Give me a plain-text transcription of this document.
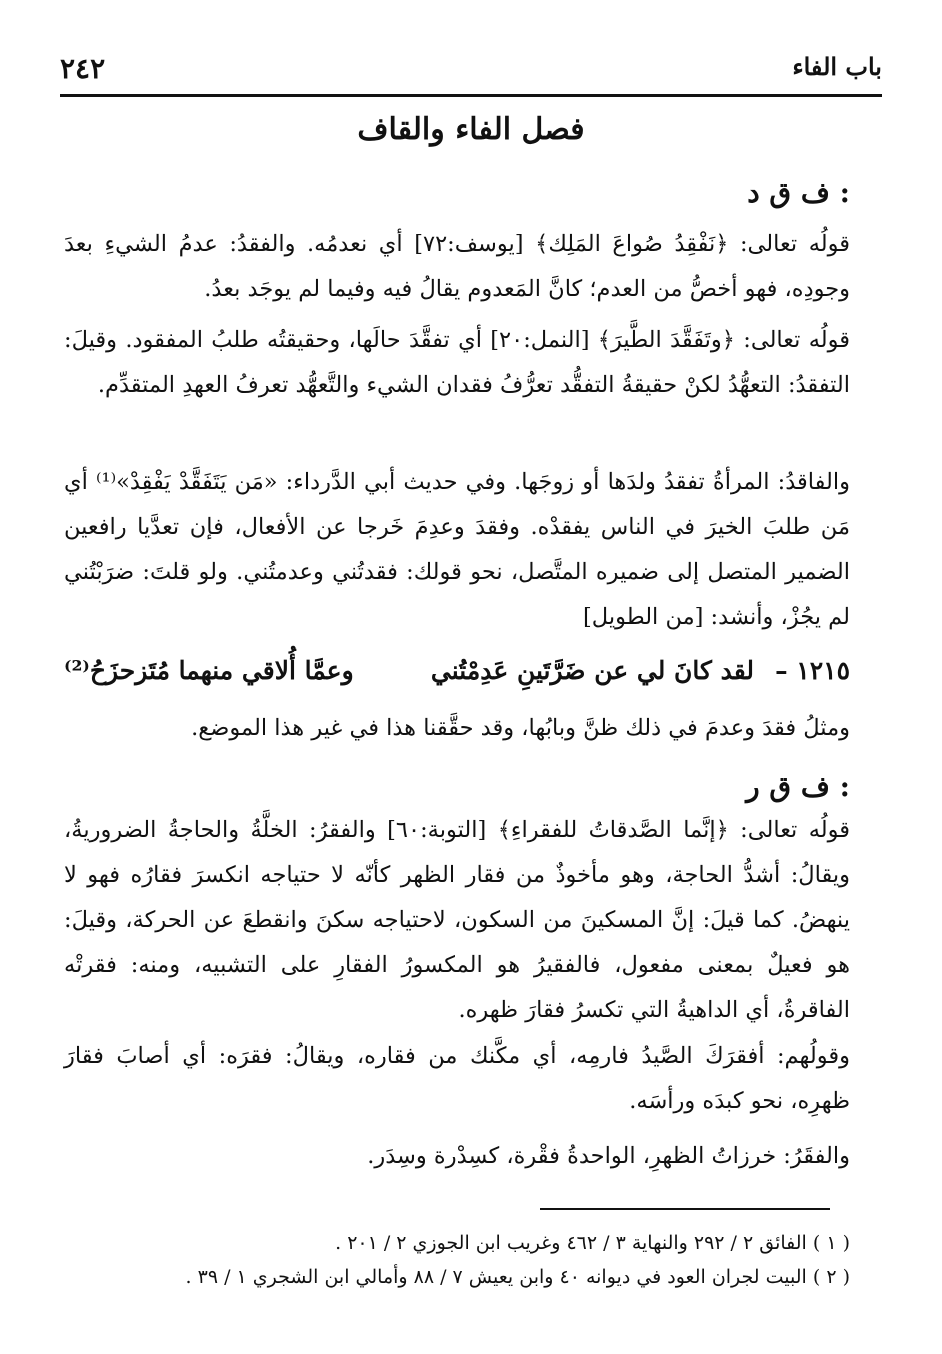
٢٤٢	باب الفاء
فصل الفاء والقاف
ف ق د :
قولُه تعالى: ﴿نَفْقِدُ صُواعَ المَلِك﴾ [يوسف:٧٢] أي نعدمُه. والفقدُ: عدمُ الشيءِ بعدَ وجودِه، فهو أخصُّ من العدم؛ كانَّ المَعدوم يقالُ فيه وفيما لم يوجَد بعدُ.
قولُه تعالى: ﴿وتَفَقَّدَ الطَّيرَ﴾ [النمل:٢٠] أي تفقَّدَ حالَها، وحقيقتُه طلبُ المفقود. وقيلَ: التفقدُ: التعهُّدُ لكنْ حقيقةُ التفقُّد تعرُّفُ فقدان الشيء والتَّعهُّد تعرفُ العهدِ المتقدِّم.
والفاقدُ: المرأةُ تفقدُ ولدَها أو زوجَها. وفي حديث أبي الدَّرداء: «مَن يَتَفَقَّدْ يَفْقِدْ»⁽¹⁾ أي مَن طلبَ الخيرَ في الناس يفقدْه. وفقدَ وعدِمَ خَرجا عن الأفعال، فإن تعدَّيا رافعين الضمير المتصل إلى ضميره المتَّصل، نحو قولك: فقدتُني وعدمتُني. ولو قلتَ: ضرَبْتُني لم يجُزْ، وأنشد: [من الطويل]
١٢١٥ –
لقد كانَ لي عن ضَرَّتَينِ عَدِمْتُني
وعمَّا أُلاقي منهما مُتَزحزَحُ⁽²⁾
ومثلُ فقدَ وعدمَ في ذلك ظنَّ وبابُها، وقد حقَّقنا هذا في غير هذا الموضع.
ف ق ر :
قولُه تعالى: ﴿إنَّما الصَّدقاتُ للفقراءِ﴾ [التوبة:٦٠] والفقرُ: الخلَّةُ والحاجةُ الضروريةُ، ويقالُ: أشدُّ الحاجة، وهو مأخوذٌ من فقار الظهر كأنّه لا حتياجه انكسرَ فقارُه فهو لا ينهضُ. كما قيلَ: إنَّ المسكينَ من السكون، لاحتياجه سكنَ وانقطعَ عن الحركة، وقيلَ: هو فعيلٌ بمعنى مفعول، فالفقيرُ هو المكسورُ الفقارِ على التشبيه، ومنه: فقرتْه الفاقرةُ، أي الداهيةُ التي تكسرُ فقارَ ظهره.
وقولُهم: أفقرَكَ الصَّيدُ فارمِه، أي مكَّنك من فقاره، ويقالُ: فقرَه: أي أصابَ فقارَ ظهرِه، نحو كبدَه ورأسَه.
والفقَرُ: خرزاتُ الظهرِ، الواحدةُ فقْرة، كسِدْرة وسِدَر.
( ١ ) الفائق ٢ / ٢٩٢ والنهاية ٣ / ٤٦٢ وغريب ابن الجوزي ٢ / ٢٠١ .
( ٢ ) البيت لجران العود في ديوانه ٤٠ وابن يعيش ٧ / ٨٨ وأمالي ابن الشجري ١ / ٣٩ .
